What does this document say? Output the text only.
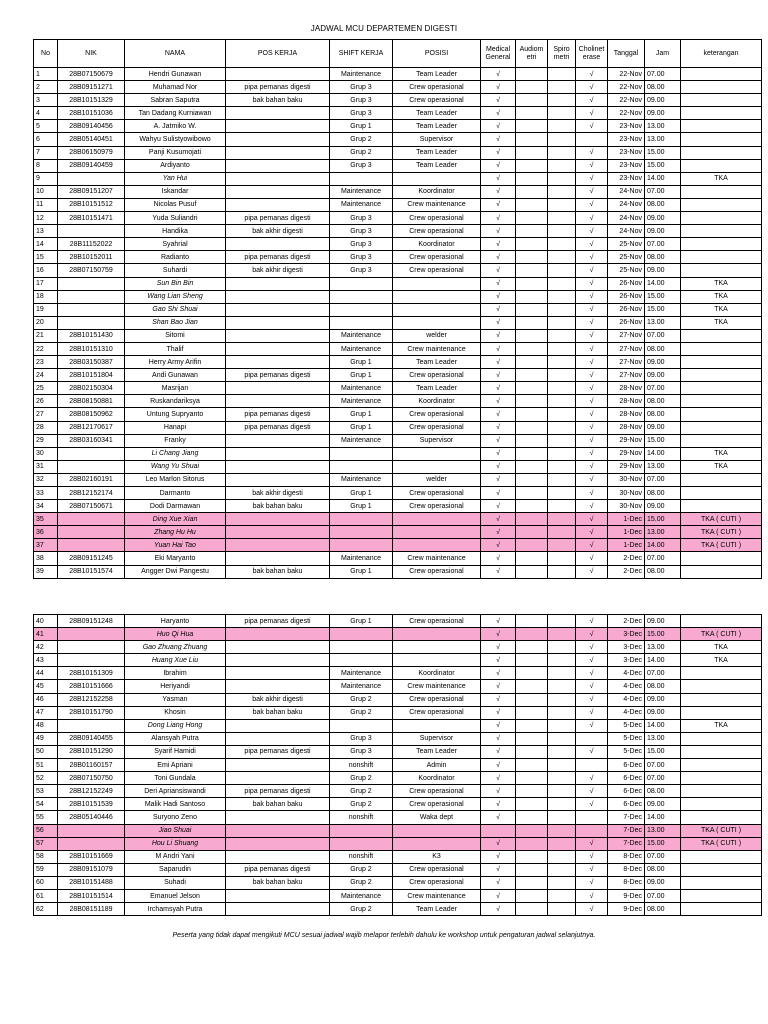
JADWAL MCU DEPARTEMEN DIGESTI
No	NIK	NAMA	POS KERJA	SHIFT KERJA	POSISI	Medical General	Audiom etri	Spiro metri	Cholinet erase	Tanggal	Jam	keterangan
1	28B07150679	Hendri Gunawan		Maintenance	Team Leader	√			√	22-Nov	07.00	
2	28B09151271	Muhamad Nor	pipa pemanas digesti	Grup 3	Crew operasional	√			√	22-Nov	08.00	
3	28B10151329	Sabran Saputra	bak bahan baku	Grup 3	Crew operasional	√			√	22-Nov	09.00	
4	28B10151036	Tan Dadang Kurniawan		Grup 3	Team Leader	√			√	22-Nov	09.00	
5	28B09140456	A. Jatmiko W.		Grup 1	Team Leader	√			√	23-Nov	13.00	
6	28B05140451	Wahyu Sulistyowibowo		Grup 2	Supervisor	√				23-Nov	13.00	
7	28B06150979	Panji Kusumojati		Grup 2	Team Leader	√			√	23-Nov	15.00	
8	28B09140459	Ardiyanto		Grup 3	Team Leader	√			√	23-Nov	15.00	
9		Yan Hui				√			√	23-Nov	14.00	TKA
10	28B09151207	Iskandar		Maintenance	Koordinator	√			√	24-Nov	07.00	
11	28B10151512	Nicolas Pusuf		Maintenance	Crew maintenance	√			√	24-Nov	08.00	
12	28B10151471	Yuda Suliandri	pipa pemanas digesti	Grup 3	Crew operasional	√			√	24-Nov	09.00	
13		Handika	bak akhir digesti	Grup 3	Crew operasional	√			√	24-Nov	09.00	
14	28B11152022	Syahrial		Grup 3	Koordinator	√			√	25-Nov	07.00	
15	28B10152011	Radianto	pipa pemanas digesti	Grup 3	Crew operasional	√			√	25-Nov	08.00	
16	28B07150759	Suhardi	bak akhir digesti	Grup 3	Crew operasional	√			√	25-Nov	09.00	
17		Sun Bin Bin				√			√	26-Nov	14.00	TKA
18		Wang Lian Sheng				√			√	26-Nov	15.00	TKA
19		Gao Shi Shuai				√			√	26-Nov	15.00	TKA
20		Shan Bao Jian				√			√	26-Nov	13.00	TKA
21	28B10151430	Sitomi		Maintenance	welder	√			√	27-Nov	07.00	
22	28B10151310	Thalif		Maintenance	Crew maintenance	√			√	27-Nov	08.00	
23	28B03150387	Herry Army Arifin		Grup 1	Team Leader	√			√	27-Nov	09.00	
24	28B10151804	Andi Gunawan	pipa pemanas digesti	Grup 1	Crew operasional	√			√	27-Nov	09.00	
25	28B02150304	Masrijan		Maintenance	Team Leader	√			√	28-Nov	07.00	
26	28B08150881	Ruskandariksya		Maintenance	Koordinator	√			√	28-Nov	08.00	
27	28B08150962	Untung Supryanto	pipa pemanas digesti	Grup 1	Crew operasional	√			√	28-Nov	08.00	
28	28B12170617	Hanapi	pipa pemanas digesti	Grup 1	Crew operasional	√			√	28-Nov	09.00	
29	28B03160341	Franky		Maintenance	Supervisor	√			√	29-Nov	15.00	
30		Li Chang Jiang				√			√	29-Nov	14.00	TKA
31		Wang Yu Shuai				√			√	29-Nov	13.00	TKA
32	28B02160191	Leo Marlon Sitorus		Maintenance	welder	√			√	30-Nov	07.00	
33	28B12152174	Darmanto	bak akhir digesti	Grup 1	Crew operasional	√			√	30-Nov	08.00	
34	28B07150671	Dodi Darmawan	bak bahan baku	Grup 1	Crew operasional	√			√	30-Nov	09.00	
35		Ding Xue Xian				√			√	1-Dec	15.00	TKA ( CUTI )
36		Zhang Hu Hu				√			√	1-Dec	13.00	TKA ( CUTI )
37		Yuan Hai Tao				√			√	1-Dec	14.00	TKA ( CUTI )
38	28B09151245	Eki Maryanto		Maintenance	Crew maintenance	√			√	2-Dec	07.00	
39	28B10151574	Angger Dwi Pangestu	bak bahan baku	Grup 1	Crew operasional	√			√	2-Dec	08.00	
40	28B09151248	Haryanto	pipa pemanas digesti	Grup 1	Crew operasional	√			√	2-Dec	09.00	
41		Huo Qi Hua				√			√	3-Dec	15.00	TKA ( CUTI )
42		Gao Zhuang Zhuang				√			√	3-Dec	13.00	TKA
43		Huang Xue Liu				√			√	3-Dec	14.00	TKA
44	28B10151309	Ibrahim		Maintenance	Koordinator	√			√	4-Dec	07.00	
45	28B10151666	Heriyandi		Maintenance	Crew maintenance	√			√	4-Dec	08.00	
46	28B12152258	Yasman	bak akhir digesti	Grup 2	Crew operasional	√			√	4-Dec	09.00	
47	28B10151790	Khosin	bak bahan baku	Grup 2	Crew operasional	√			√	4-Dec	09.00	
48		Dong Liang Hong				√			√	5-Dec	14.00	TKA
49	28B09140455	Alansyah Putra		Grup 3	Supervisor	√				5-Dec	13.00	
50	28B10151290	Syarif Hamidi	pipa pemanas digesti	Grup 3	Team Leader	√			√	5-Dec	15.00	
51	28B01160157	Emi Apriani		nonshift	Admin	√				6-Dec	07.00	
52	28B07150750	Toni Gundala		Grup 2	Koordinator	√			√	6-Dec	07.00	
53	28B12152249	Deri Apriansiswandi	pipa pemanas digesti	Grup 2	Crew operasional	√			√	6-Dec	08.00	
54	28B10151539	Malik Hadi Santoso	bak bahan baku	Grup 2	Crew operasional	√			√	6-Dec	09.00	
55	28B05140446	Suryono Zeno		nonshift	Waka dept	√				7-Dec	14.00	
56		Jiao Shuai								7-Dec	13.00	TKA ( CUTI )
57		Hou Li Shuang				√			√	7-Dec	15.00	TKA ( CUTI )
58	28B10151669	M Andri Yani		nonshift	K3	√			√	8-Dec	07.00	
59	28B09151079	Saparudin	pipa pemanas digesti	Grup 2	Crew operasional	√			√	8-Dec	08.00	
60	28B10151488	Suhadi	bak bahan baku	Grup 2	Crew operasional	√			√	8-Dec	09.00	
61	28B10151514	Emanuel Jelson		Maintenance	Crew maintenance	√			√	9-Dec	07.00	
62	28B08151189	Irchamsyah Putra		Grup 2	Team Leader	√			√	9-Dec	08.00	
Peserta yang tidak dapat mengikuti MCU sesuai jadwal wajib melapor terlebih dahulu ke workshop untuk pengaturan jadwal selanjutnya.
